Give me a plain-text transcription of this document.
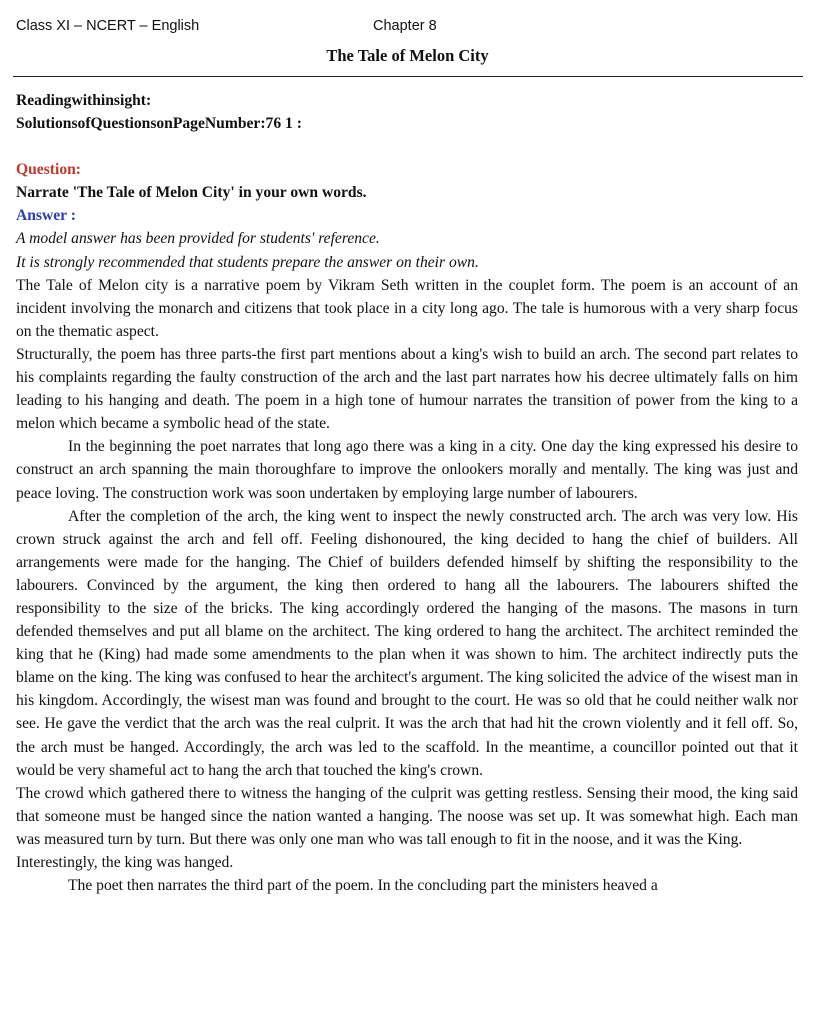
Class XI – NCERT – English	Chapter 8
The Tale of Melon City

Readingwithinsight:

SolutionsofQuestionsonPageNumber:76 1 :

Question:

Narrate 'The Tale of Melon City' in your own words.

Answer :

A model answer has been provided for students' reference.

It is strongly recommended that students prepare the answer on their own.

The Tale of Melon city is a narrative poem by Vikram Seth written in the couplet form. The poem is an account of an incident involving the monarch and citizens that took place in a city long ago. The tale is humorous with a very sharp focus on the thematic aspect.

Structurally, the poem has three parts-the first part mentions about a king's wish to build an arch. The second part relates to his complaints regarding the faulty construction of the arch and the last part narrates how his decree ultimately falls on him leading to his hanging and death. The poem in a high tone of humour narrates the transition of power from the king to a melon which became a symbolic head of the state.

In the beginning the poet narrates that long ago there was a king in a city. One day the king expressed his desire to construct an arch spanning the main thoroughfare to improve the onlookers morally and mentally. The king was just and peace loving. The construction work was soon undertaken by employing large number of labourers.

After the completion of the arch, the king went to inspect the newly constructed arch. The arch was very low. His crown struck against the arch and fell off. Feeling dishonoured, the king decided to hang the chief of builders. All arrangements were made for the hanging. The Chief of builders defended himself by shifting the responsibility to the labourers. Convinced by the argument, the king then ordered to hang all the labourers. The labourers shifted the responsibility to the size of the bricks. The king accordingly ordered the hanging of the masons. The masons in turn defended themselves and put all blame on the architect. The king ordered to hang the architect. The architect reminded the king that he (King) had made some amendments to the plan when it was shown to him. The architect indirectly puts the blame on the king. The king was confused to hear the architect's argument. The king solicited the advice of the wisest man in his kingdom. Accordingly, the wisest man was found and brought to the court. He was so old that he could neither walk nor see. He gave the verdict that the arch was the real culprit. It was the arch that had hit the crown violently and it fell off. So, the arch must be hanged. Accordingly, the arch was led to the scaffold. In the meantime, a councillor pointed out that it would be very shameful act to hang the arch that touched the king's crown.

The crowd which gathered there to witness the hanging of the culprit was getting restless. Sensing their mood, the king said that someone must be hanged since the nation wanted a hanging. The noose was set up. It was somewhat high. Each man was measured turn by turn. But there was only one man who was tall enough to fit in the noose, and it was the King.

Interestingly, the king was hanged.

The poet then narrates the third part of the poem. In the concluding part the ministers heaved a
